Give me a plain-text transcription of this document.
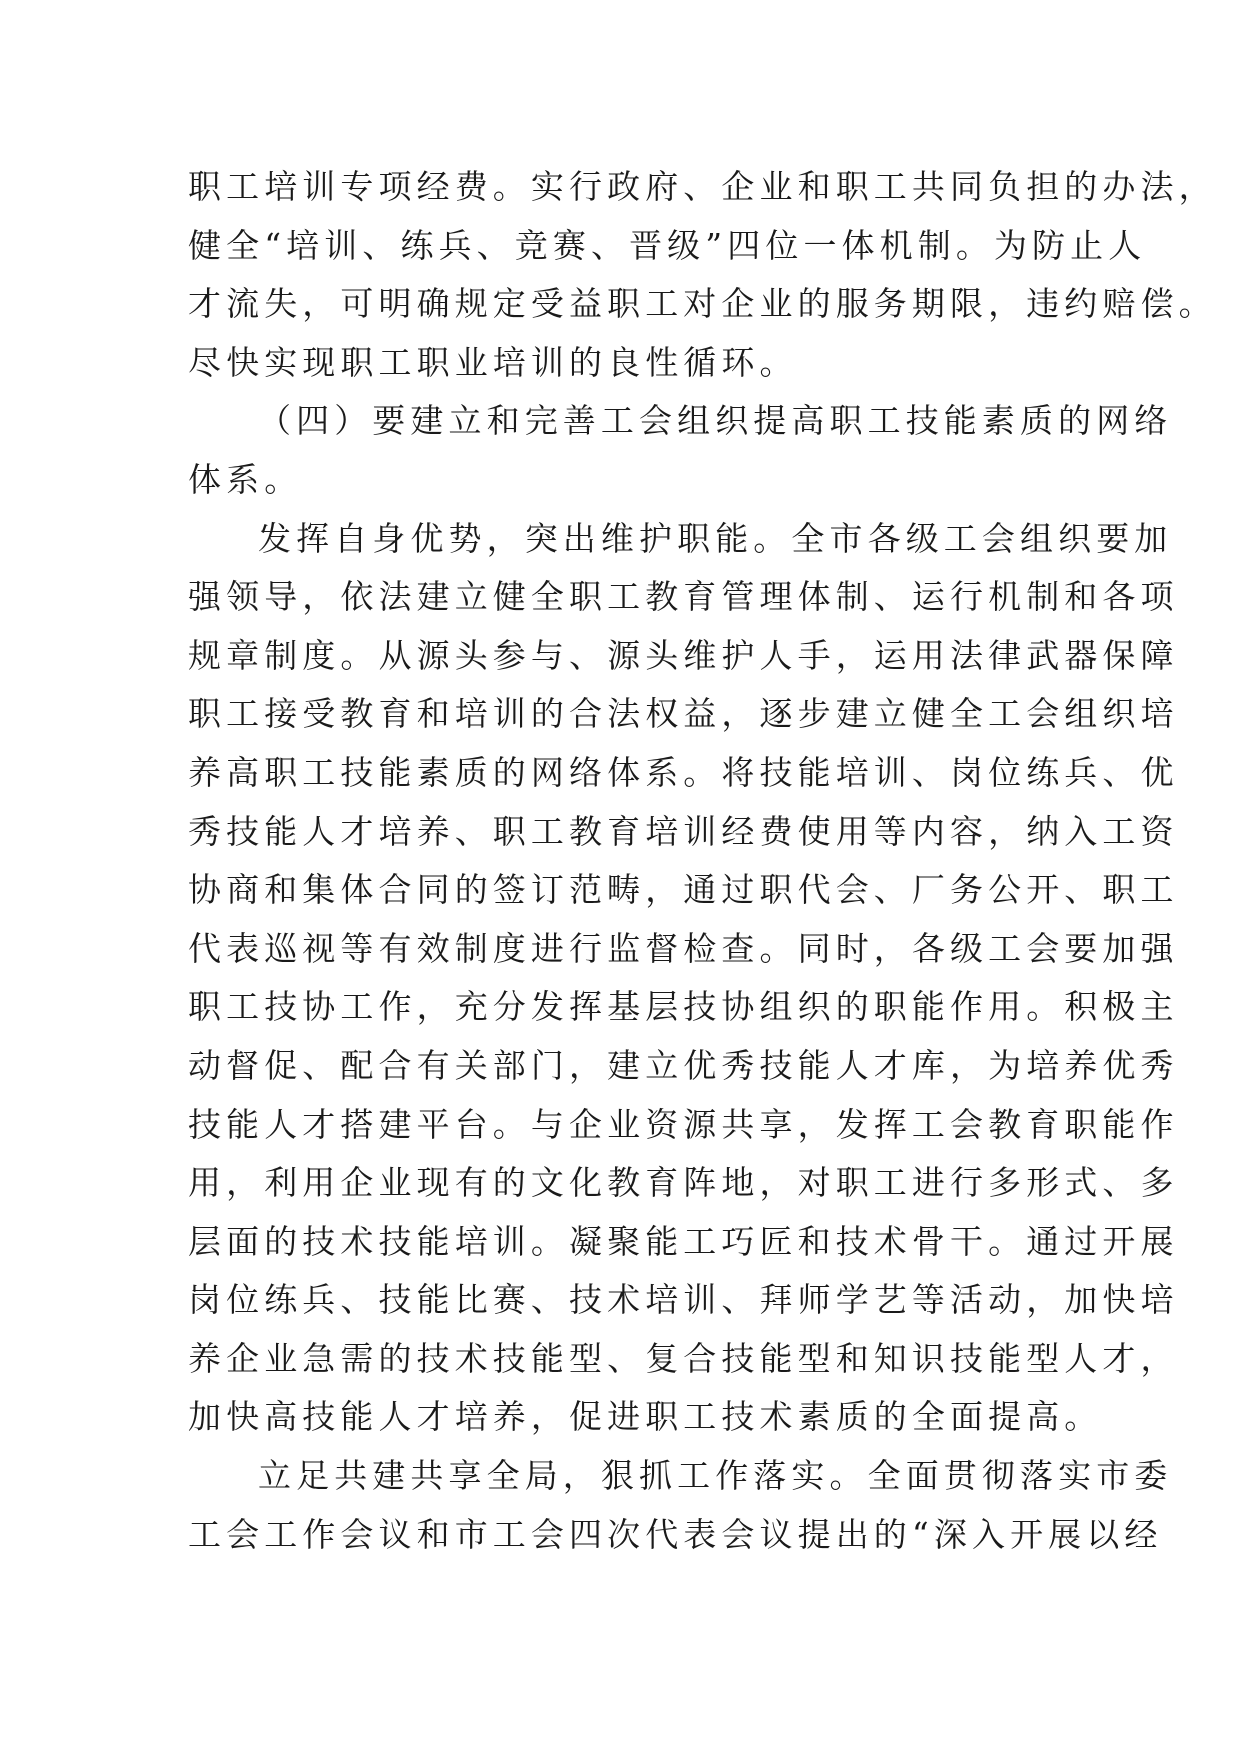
职工培训专项经费。实行政府、企业和职工共同负担的办法，
健全“培训、练兵、竞赛、晋级”四位一体机制。为防止人
才流失，可明确规定受益职工对企业的服务期限，违约赔偿。
尽快实现职工职业培训的良性循环。
（四）要建立和完善工会组织提高职工技能素质的网络
体系。
发挥自身优势，突出维护职能。全市各级工会组织要加
强领导，依法建立健全职工教育管理体制、运行机制和各项
规章制度。从源头参与、源头维护人手，运用法律武器保障
职工接受教育和培训的合法权益，逐步建立健全工会组织培
养高职工技能素质的网络体系。将技能培训、岗位练兵、优
秀技能人才培养、职工教育培训经费使用等内容，纳入工资
协商和集体合同的签订范畴，通过职代会、厂务公开、职工
代表巡视等有效制度进行监督检查。同时，各级工会要加强
职工技协工作，充分发挥基层技协组织的职能作用。积极主
动督促、配合有关部门，建立优秀技能人才库，为培养优秀
技能人才搭建平台。与企业资源共享，发挥工会教育职能作
用，利用企业现有的文化教育阵地，对职工进行多形式、多
层面的技术技能培训。凝聚能工巧匠和技术骨干。通过开展
岗位练兵、技能比赛、技术培训、拜师学艺等活动，加快培
养企业急需的技术技能型、复合技能型和知识技能型人才，
加快高技能人才培养，促进职工技术素质的全面提高。
立足共建共享全局，狠抓工作落实。全面贯彻落实市委
工会工作会议和市工会四次代表会议提出的“深入开展以经
